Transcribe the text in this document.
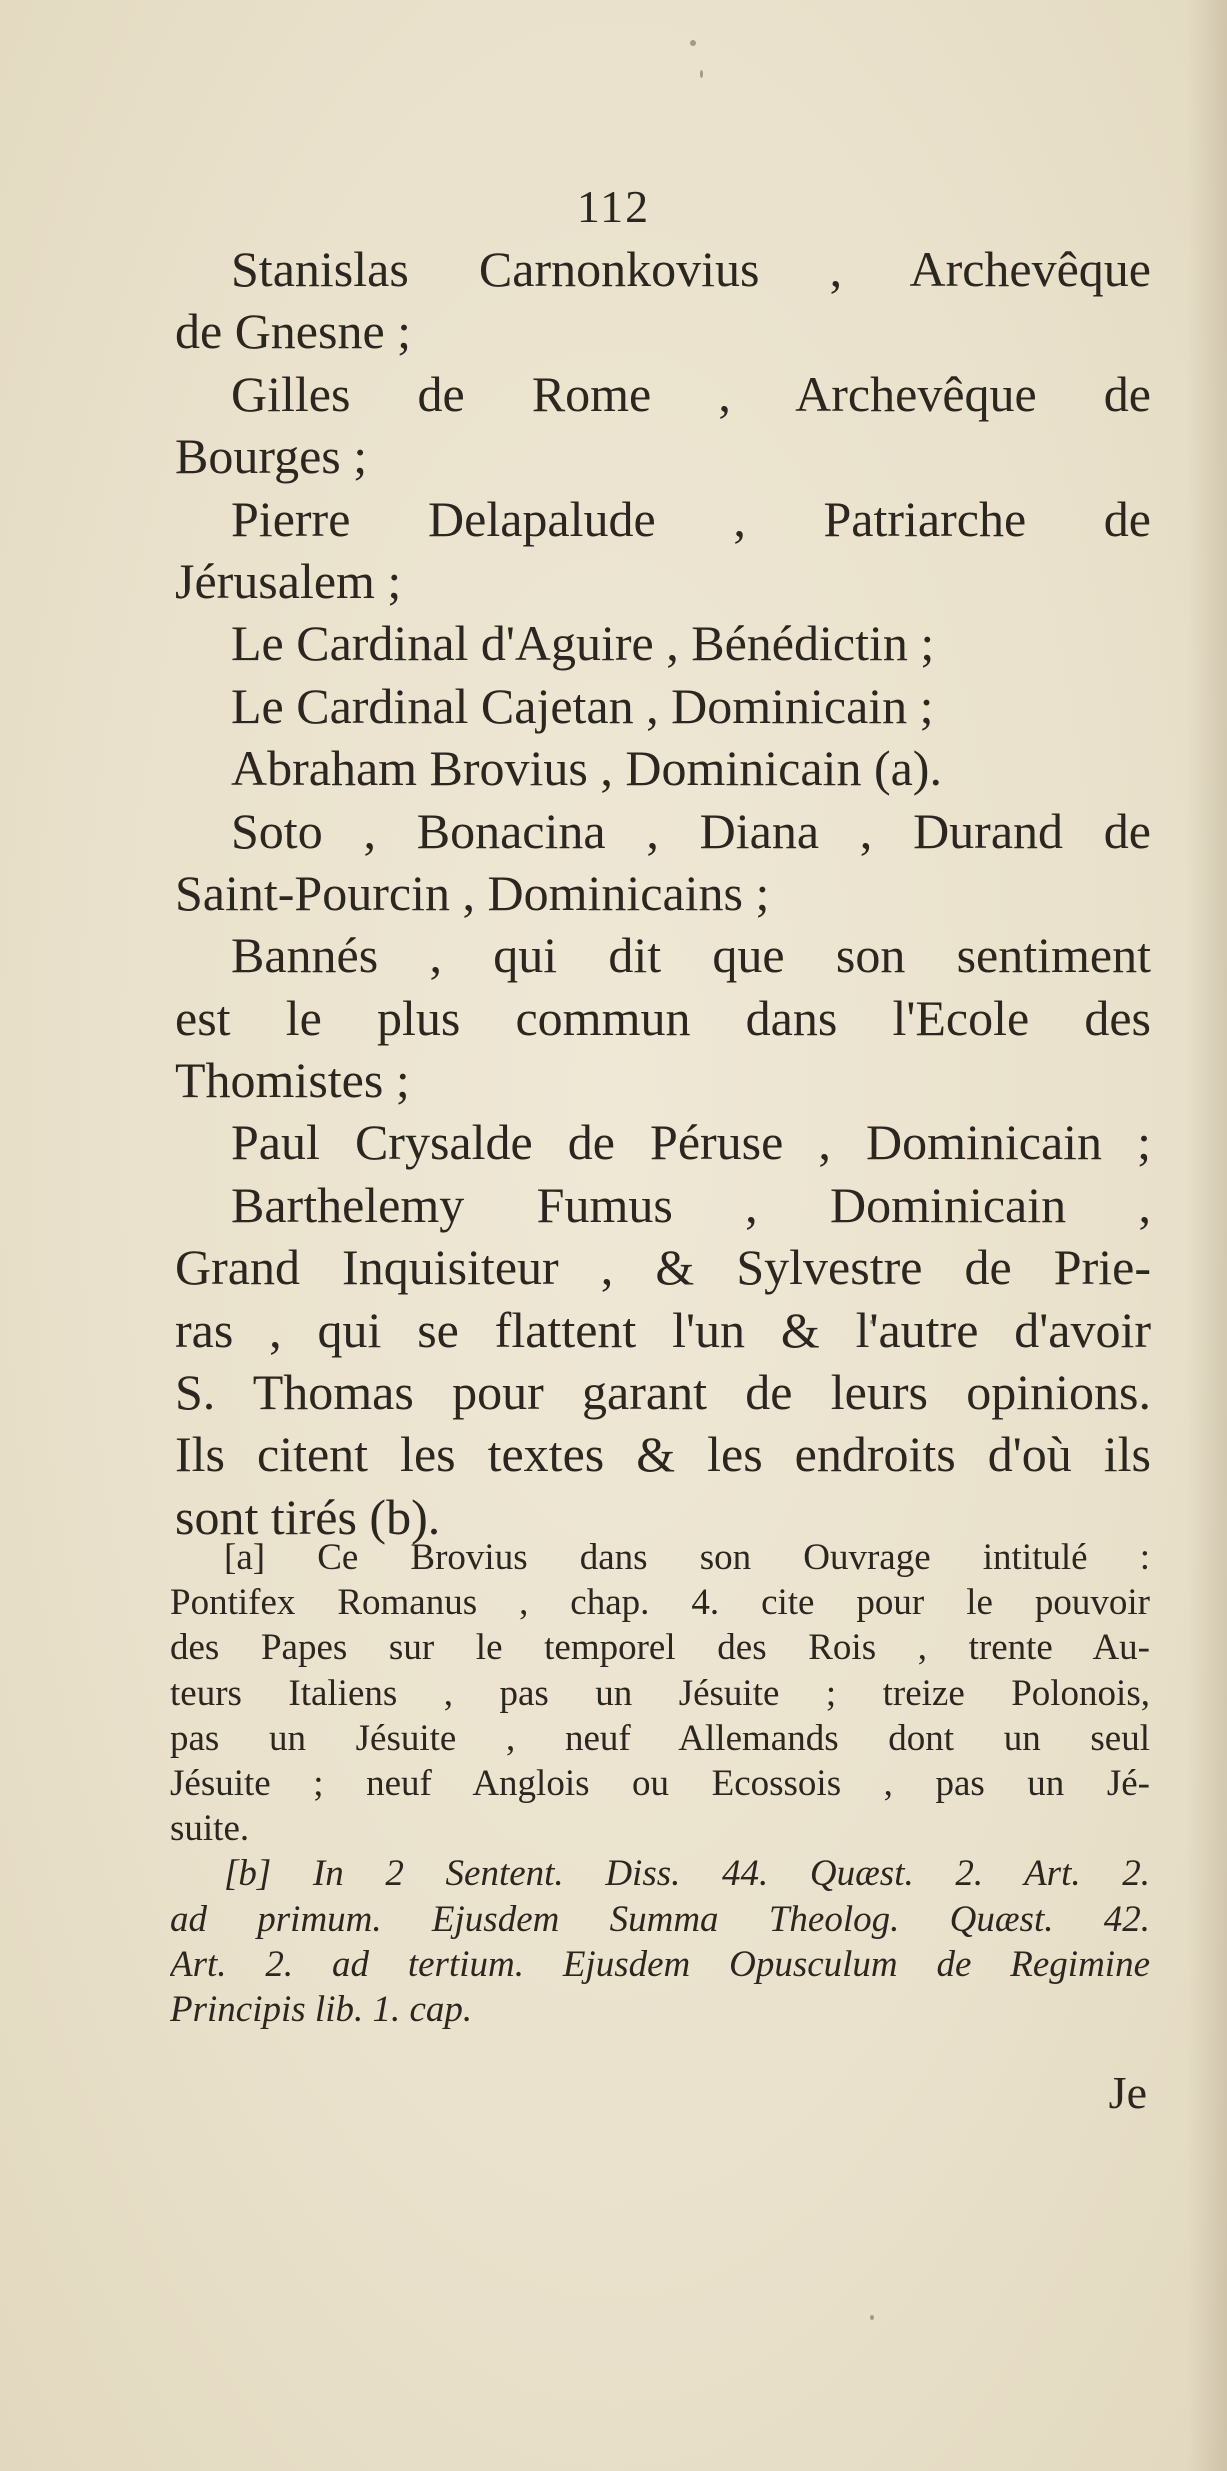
112
Stanislas Carnonkovius , Archevêque
de Gnesne ;
Gilles de Rome , Archevêque de
Bourges ;
Pierre Delapalude , Patriarche de
Jérusalem ;
Le Cardinal d'Aguire , Bénédictin ;
Le Cardinal Cajetan , Dominicain ;
Abraham Brovius , Dominicain (a).
Soto , Bonacina , Diana , Durand de
Saint-Pourcin , Dominicains ;
Bannés , qui dit que son sentiment
est le plus commun dans l'Ecole des
Thomistes ;
Paul Crysalde de Péruse , Dominicain ;
Barthelemy Fumus , Dominicain ,
Grand Inquisiteur , & Sylvestre de Prie-
ras , qui se flattent l'un & l'autre d'avoir
S. Thomas pour garant de leurs opinions.
Ils citent les textes & les endroits d'où ils
sont tirés (b).
[a] Ce Brovius dans son Ouvrage intitulé :
Pontifex Romanus , chap. 4. cite pour le pouvoir
des Papes sur le temporel des Rois , trente Au-
teurs Italiens , pas un Jésuite ; treize Polonois,
pas un Jésuite , neuf Allemands dont un seul
Jésuite ; neuf Anglois ou Ecossois , pas un Jé-
suite.
[b] In 2 Sentent. Diss. 44. Quæst. 2. Art. 2.
ad primum. Ejusdem Summa Theolog. Quæst. 42.
Art. 2. ad tertium. Ejusdem Opusculum de Regimine
Principis lib. 1. cap.
Je
